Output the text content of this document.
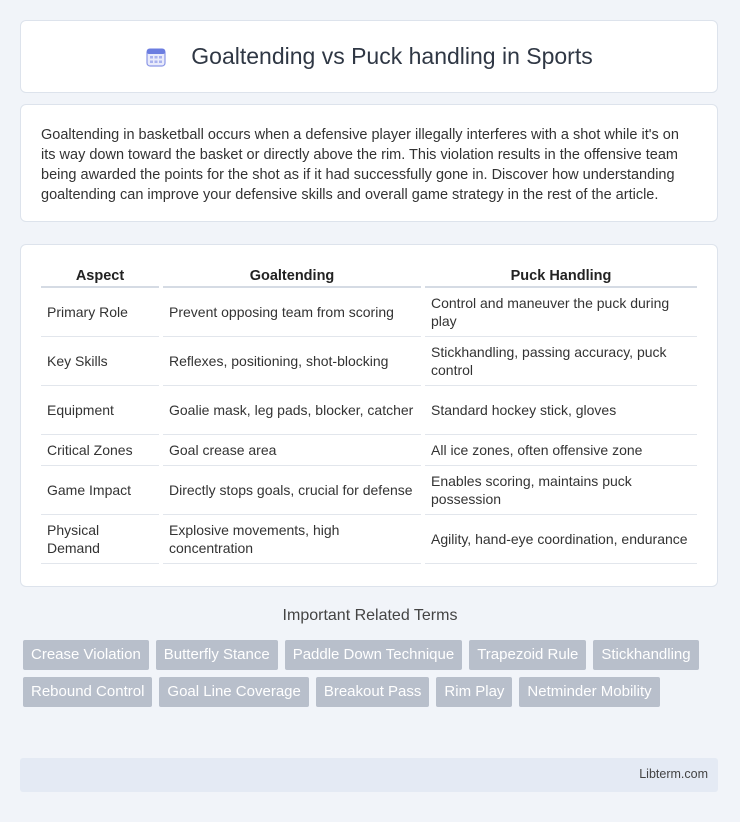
Goaltending vs Puck handling in Sports

Goaltending in basketball occurs when a defensive player illegally interferes with a shot while it's on its way down toward the basket or directly above the rim. This violation results in the offensive team being awarded the points for the shot as if it had successfully gone in. Discover how understanding goaltending can improve your defensive skills and overall game strategy in the rest of the article.

Aspect	Goaltending	Puck Handling
Primary Role	Prevent opposing team from scoring	Control and maneuver the puck during play
Key Skills	Reflexes, positioning, shot-blocking	Stickhandling, passing accuracy, puck control
Equipment	Goalie mask, leg pads, blocker, catcher	Standard hockey stick, gloves
Critical Zones	Goal crease area	All ice zones, often offensive zone
Game Impact	Directly stops goals, crucial for defense	Enables scoring, maintains puck possession
Physical Demand	Explosive movements, high concentration	Agility, hand-eye coordination, endurance
Important Related Terms
Crease Violation	Butterfly Stance	Paddle Down Technique	Trapezoid Rule	Stickhandling
Rebound Control	Goal Line Coverage	Breakout Pass	Rim Play	Netminder Mobility
Libterm.com
